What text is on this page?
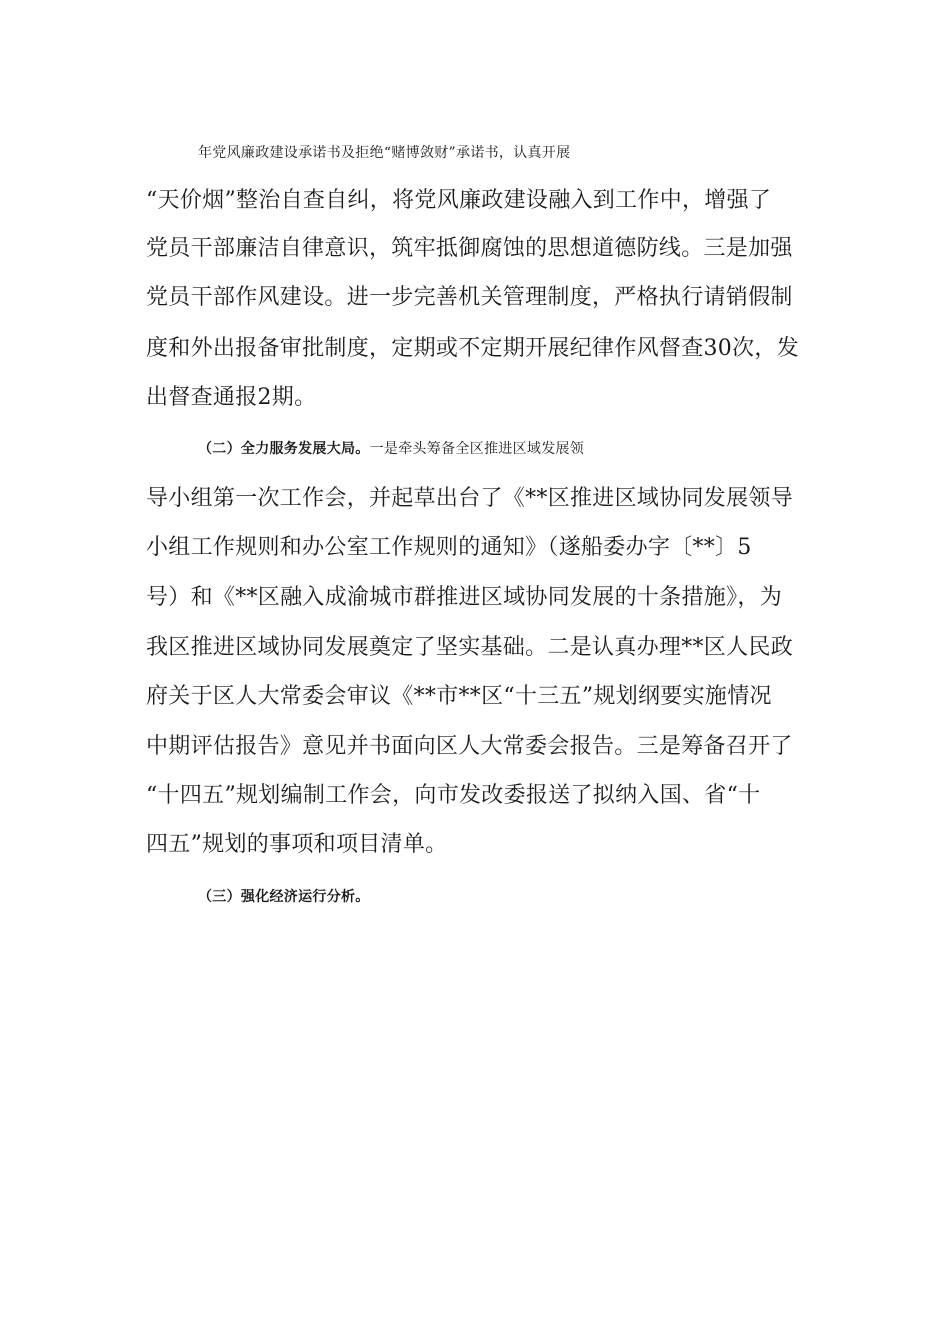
年党风廉政建设承诺书及拒绝“赌博敛财”承诺书，认真开展
“天价烟”整治自查自纠，将党风廉政建设融入到工作中，增强了
党员干部廉洁自律意识，筑牢抵御腐蚀的思想道德防线。三是加强
党员干部作风建设。进一步完善机关管理制度，严格执行请销假制
度和外出报备审批制度，定期或不定期开展纪律作风督查30次，发
出督查通报2期。
（二）全力服务发展大局。一是牵头筹备全区推进区域发展领
导小组第一次工作会，并起草出台了《**区推进区域协同发展领导
小组工作规则和办公室工作规则的通知》（遂船委办字〔**〕5
号）和《**区融入成渝城市群推进区域协同发展的十条措施》，为
我区推进区域协同发展奠定了坚实基础。二是认真办理**区人民政
府关于区人大常委会审议《**市**区“十三五”规划纲要实施情况
中期评估报告》意见并书面向区人大常委会报告。三是筹备召开了
“十四五”规划编制工作会，向市发改委报送了拟纳入国、省“十
四五”规划的事项和项目清单。
（三）强化经济运行分析。
